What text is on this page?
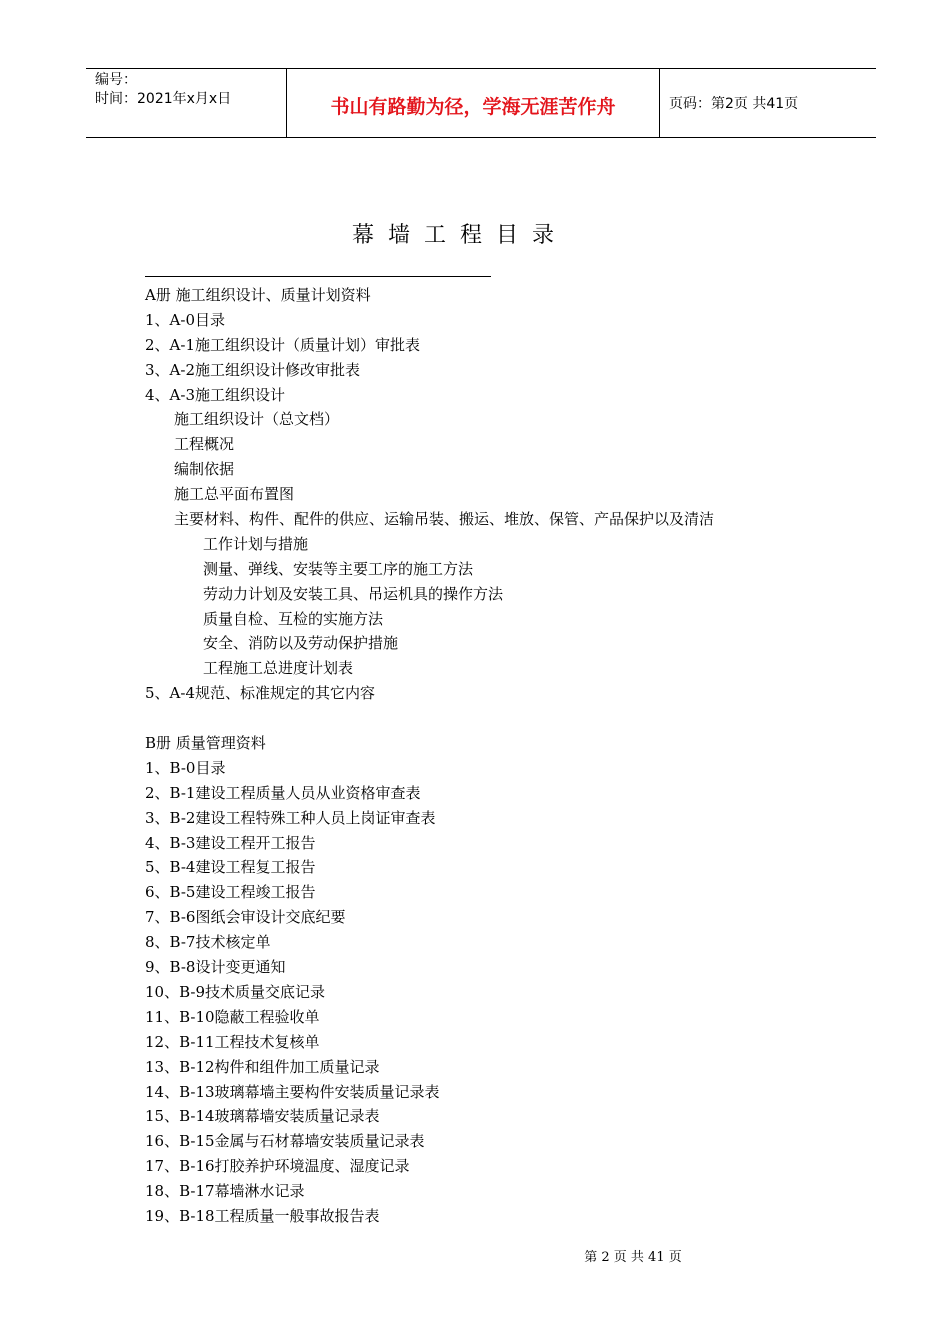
编号：
时间：2021年x月x日	书山有路勤为径，学海无涯苦作舟	页码：第2页 共41页
幕墙工程目录
A册 施工组织设计、质量计划资料
1、A-0目录
2、A-1施工组织设计（质量计划）审批表
3、A-2施工组织设计修改审批表
4、A-3施工组织设计
施工组织设计（总文档）
工程概况
编制依据
施工总平面布置图
主要材料、构件、配件的供应、运输吊装、搬运、堆放、保管、产品保护以及清洁
工作计划与措施
测量、弹线、安装等主要工序的施工方法
劳动力计划及安装工具、吊运机具的操作方法
质量自检、互检的实施方法
安全、消防以及劳动保护措施
工程施工总进度计划表
5、A-4规范、标准规定的其它内容
B册 质量管理资料
1、B-0目录
2、B-1建设工程质量人员从业资格审查表
3、B-2建设工程特殊工种人员上岗证审查表
4、B-3建设工程开工报告
5、B-4建设工程复工报告
6、B-5建设工程竣工报告
7、B-6图纸会审设计交底纪要
8、B-7技术核定单
9、B-8设计变更通知
10、B-9技术质量交底记录
11、B-10隐蔽工程验收单
12、B-11工程技术复核单
13、B-12构件和组件加工质量记录
14、B-13玻璃幕墙主要构件安装质量记录表
15、B-14玻璃幕墙安装质量记录表
16、B-15金属与石材幕墙安装质量记录表
17、B-16打胶养护环境温度、湿度记录
18、B-17幕墙淋水记录
19、B-18工程质量一般事故报告表
第 2 页 共 41 页
